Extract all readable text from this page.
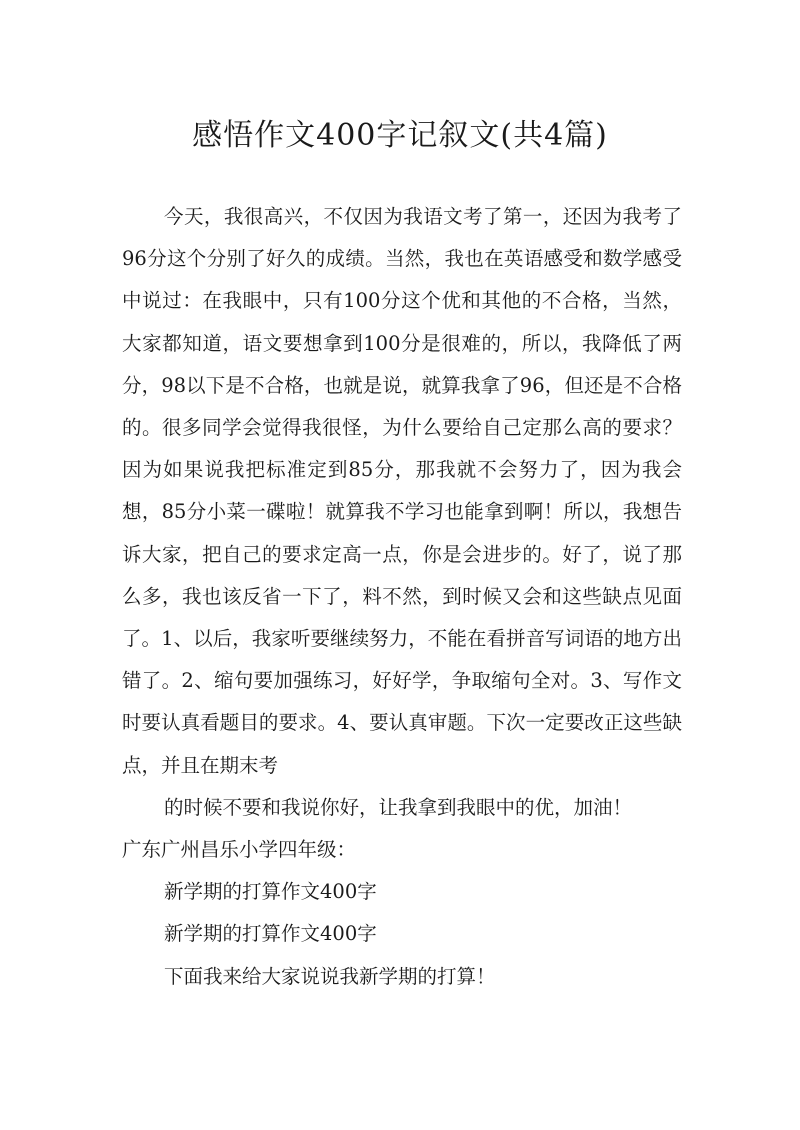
感悟作文400字记叙文(共4篇)

今天，我很高兴，不仅因为我语文考了第一，还因为我考了96分这个分别了好久的成绩。当然，我也在英语感受和数学感受中说过：在我眼中，只有100分这个优和其他的不合格，当然，大家都知道，语文要想拿到100分是很难的，所以，我降低了两分，98以下是不合格，也就是说，就算我拿了96，但还是不合格的。很多同学会觉得我很怪，为什么要给自己定那么高的要求？因为如果说我把标准定到85分，那我就不会努力了，因为我会想，85分小菜一碟啦！就算我不学习也能拿到啊！所以，我想告诉大家，把自己的要求定高一点，你是会进步的。好了，说了那么多，我也该反省一下了，料不然，到时候又会和这些缺点见面了。1、以后，我家听要继续努力，不能在看拼音写词语的地方出错了。2、缩句要加强练习，好好学，争取缩句全对。3、写作文时要认真看题目的要求。4、要认真审题。下次一定要改正这些缺点，并且在期末考

的时候不要和我说你好，让我拿到我眼中的优，加油！

广东广州昌乐小学四年级：

新学期的打算作文400字

新学期的打算作文400字

下面我来给大家说说我新学期的打算！
